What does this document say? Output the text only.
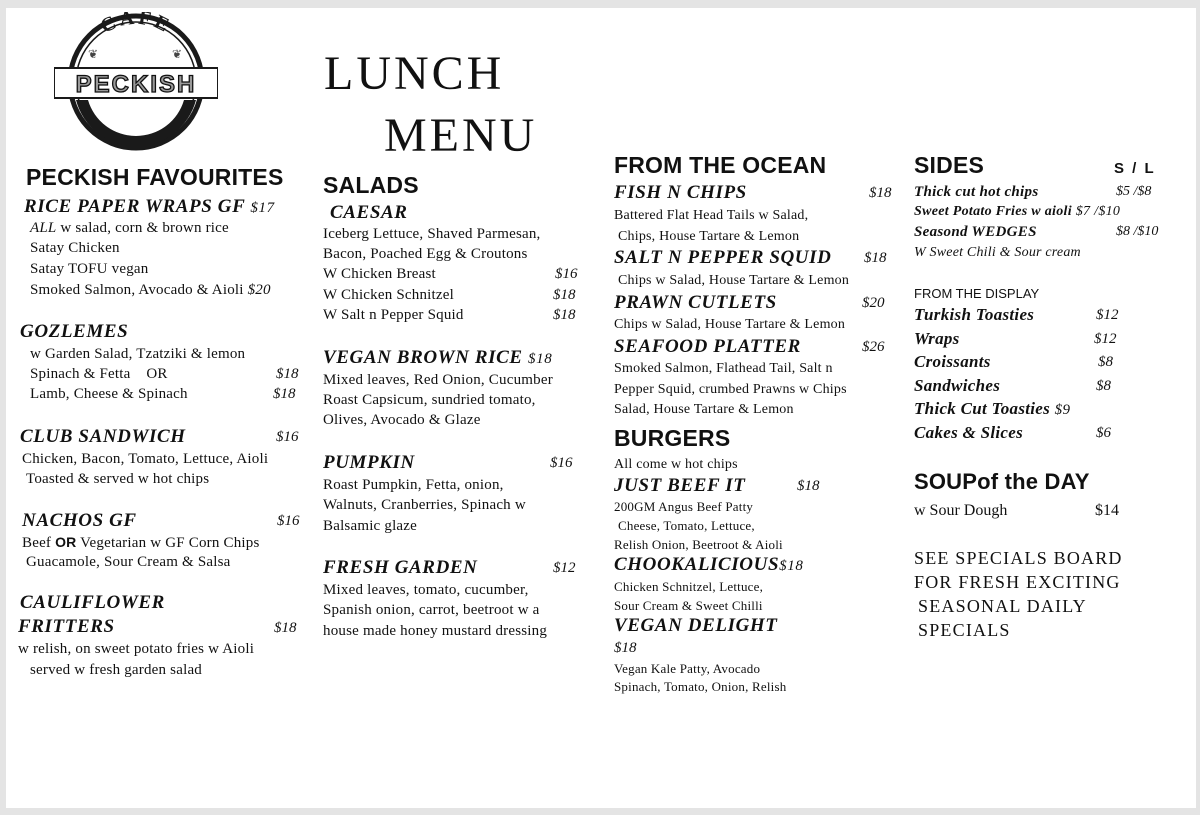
CAFE
PECKISH
on the Park
❦	❦	LUNCH
MENU
PECKISH FAVOURITES
RICE PAPER WRAPS GF $17
ALL w salad, corn & brown rice
Satay Chicken
Satay TOFU vegan
Smoked Salmon, Avocado & Aioli $20
GOZLEMES
w Garden Salad, Tzatziki & lemon
Spinach & Fetta OR	$18
Lamb, Cheese & Spinach	$18
CLUB SANDWICH	$16
Chicken, Bacon, Tomato, Lettuce, Aioli
Toasted & served w hot chips
NACHOS GF	$16
Beef OR Vegetarian w GF Corn Chips
Guacamole, Sour Cream & Salsa
CAULIFLOWER
FRITTERS	$18
w relish, on sweet potato fries w Aioli
served w fresh garden salad
SALADS
CAESAR
Iceberg Lettuce, Shaved Parmesan,
Bacon, Poached Egg & Croutons
W Chicken Breast	$16
W Chicken Schnitzel	$18
W Salt n Pepper Squid	$18
VEGAN BROWN RICE $18
Mixed leaves, Red Onion, Cucumber
Roast Capsicum, sundried tomato,
Olives, Avocado & Glaze
PUMPKIN	$16
Roast Pumpkin, Fetta, onion,
Walnuts, Cranberries, Spinach w
Balsamic glaze
FRESH GARDEN	$12
Mixed leaves, tomato, cucumber,
Spanish onion, carrot, beetroot w a
house made honey mustard dressing
FROM THE OCEAN
FISH N CHIPS	$18
Battered Flat Head Tails w Salad,
Chips, House Tartare & Lemon
SALT N PEPPER SQUID $18
Chips w Salad, House Tartare & Lemon
PRAWN CUTLETS	$20
Chips w Salad, House Tartare & Lemon
SEAFOOD PLATTER	$26
Smoked Salmon, Flathead Tail, Salt n
Pepper Squid, crumbed Prawns w Chips
Salad, House Tartare & Lemon
BURGERS
All come w hot chips
JUST BEEF IT	$18
200GM Angus Beef Patty
Cheese, Tomato, Lettuce,
Relish Onion, Beetroot & Aioli
CHOOKALICIOUS$18
Chicken Schnitzel, Lettuce,
Sour Cream & Sweet Chilli
VEGAN DELIGHT
$18
Vegan Kale Patty, Avocado
Spinach, Tomato, Onion, Relish
SIDES	S / L
Thick cut hot chips	$5 /$8
Sweet Potato Fries w aioli $7 /$10
Seasond WEDGES	$8 /$10
W Sweet Chili & Sour cream
FROM THE DISPLAY
Turkish Toasties	$12
Wraps	$12
Croissants	$8
Sandwiches	$8
Thick Cut Toasties $9
Cakes & Slices	$6
SOUPof the DAY
w Sour Dough	$14
SEE SPECIALS BOARD
FOR FRESH EXCITING
SEASONAL DAILY
SPECIALS
